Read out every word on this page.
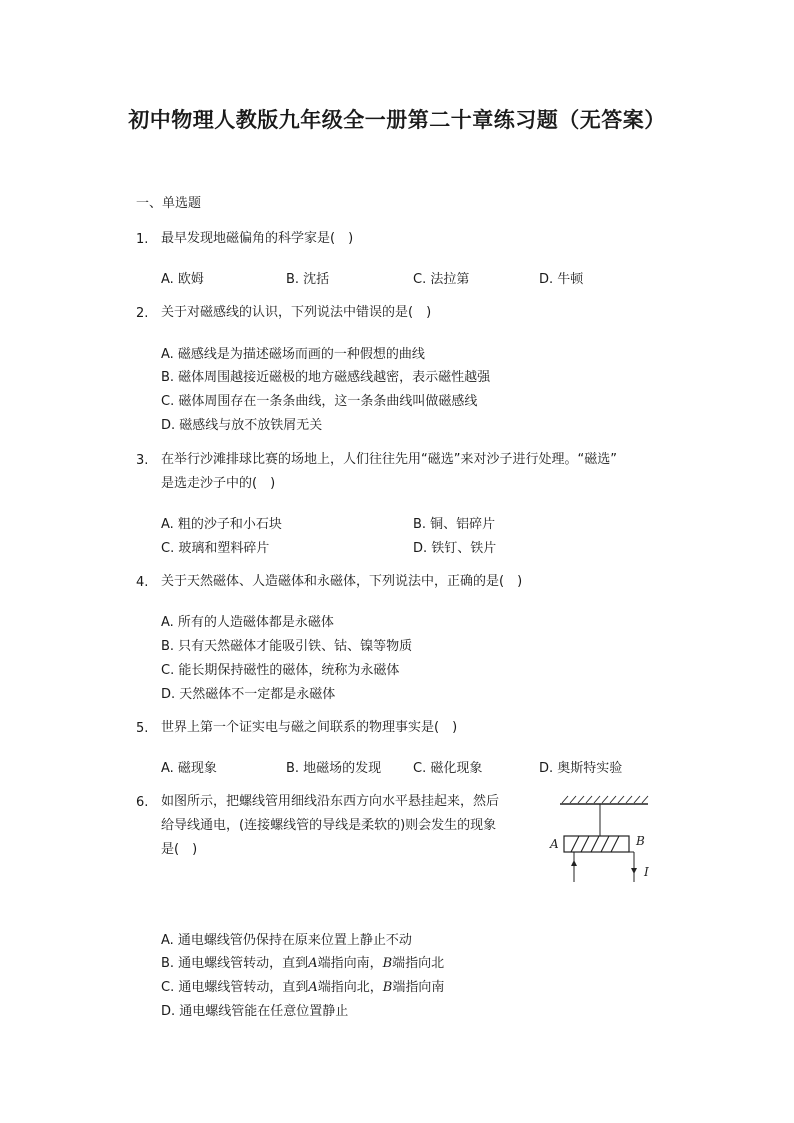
初中物理人教版九年级全一册第二十章练习题（无答案）
一、单选题
1. 最早发现地磁偏角的科学家是(　)
A. 欧姆	B. 沈括	C. 法拉第	D. 牛顿
2. 关于对磁感线的认识，下列说法中错误的是(　)
A. 磁感线是为描述磁场而画的一种假想的曲线
B. 磁体周围越接近磁极的地方磁感线越密，表示磁性越强
C. 磁体周围存在一条条曲线，这一条条曲线叫做磁感线
D. 磁感线与放不放铁屑无关
3. 在举行沙滩排球比赛的场地上，人们往往先用“磁选”来对沙子进行处理。“磁选”
是选走沙子中的(　)
A. 粗的沙子和小石块	B. 铜、铝碎片
C. 玻璃和塑料碎片	D. 铁钉、铁片
4. 关于天然磁体、人造磁体和永磁体，下列说法中，正确的是(　)
A. 所有的人造磁体都是永磁体
B. 只有天然磁体才能吸引铁、钴、镍等物质
C. 能长期保持磁性的磁体，统称为永磁体
D. 天然磁体不一定都是永磁体
5. 世界上第一个证实电与磁之间联系的物理事实是(　)
A. 磁现象	B. 地磁场的发现 C. 磁化现象	D. 奥斯特实验
6. 如图所示，把螺线管用细线沿东西方向水平悬挂起来，然后
给导线通电，(连接螺线管的导线是柔软的)则会发生的现象
是(　)	A	B
I
A. 通电螺线管仍保持在原来位置上静止不动
B. 通电螺线管转动，直到A端指向南，B端指向北
C. 通电螺线管转动，直到A端指向北，B端指向南
D. 通电螺线管能在任意位置静止
